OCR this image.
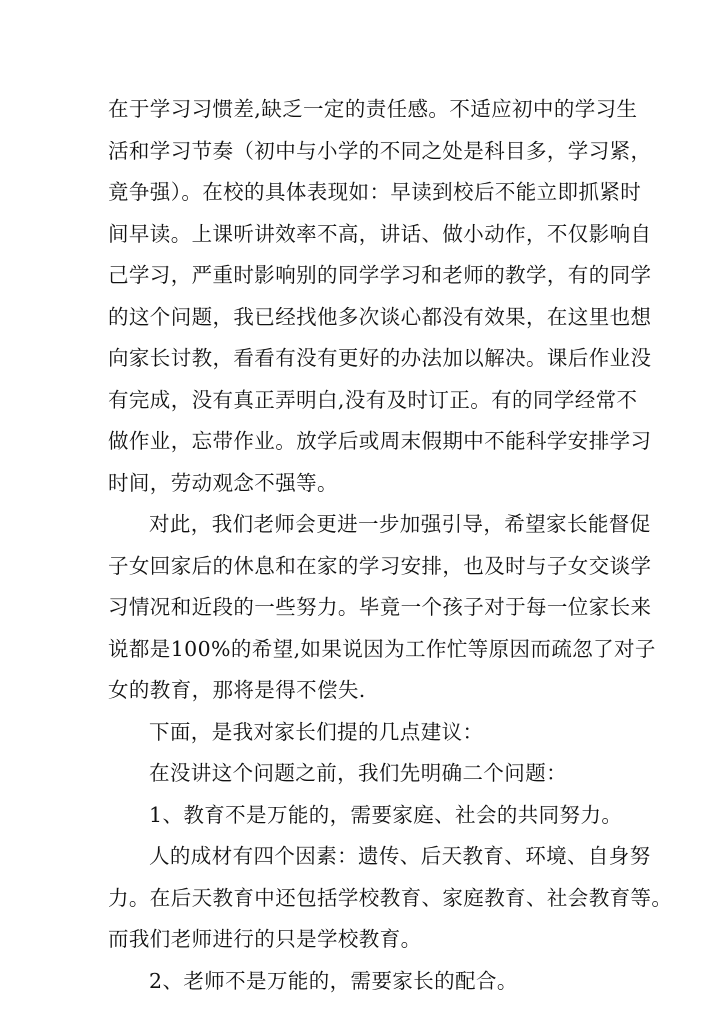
在于学习习惯差,缺乏一定的责任感。不适应初中的学习生
活和学习节奏（初中与小学的不同之处是科目多，学习紧，
竟争强）。在校的具体表现如：早读到校后不能立即抓紧时
间早读。上课听讲效率不高，讲话、做小动作，不仅影响自
己学习，严重时影响别的同学学习和老师的教学，有的同学
的这个问题，我已经找他多次谈心都没有效果，在这里也想
向家长讨教，看看有没有更好的办法加以解决。课后作业没
有完成，没有真正弄明白,没有及时订正。有的同学经常不
做作业，忘带作业。放学后或周末假期中不能科学安排学习
时间，劳动观念不强等。
对此，我们老师会更进一步加强引导，希望家长能督促
子女回家后的休息和在家的学习安排，也及时与子女交谈学
习情况和近段的一些努力。毕竟一个孩子对于每一位家长来
说都是100%的希望,如果说因为工作忙等原因而疏忽了对子
女的教育，那将是得不偿失.
下面，是我对家长们提的几点建议：
在没讲这个问题之前，我们先明确二个问题：
1、教育不是万能的，需要家庭、社会的共同努力。
人的成材有四个因素：遗传、后天教育、环境、自身努
力。在后天教育中还包括学校教育、家庭教育、社会教育等。
而我们老师进行的只是学校教育。
2、老师不是万能的，需要家长的配合。
